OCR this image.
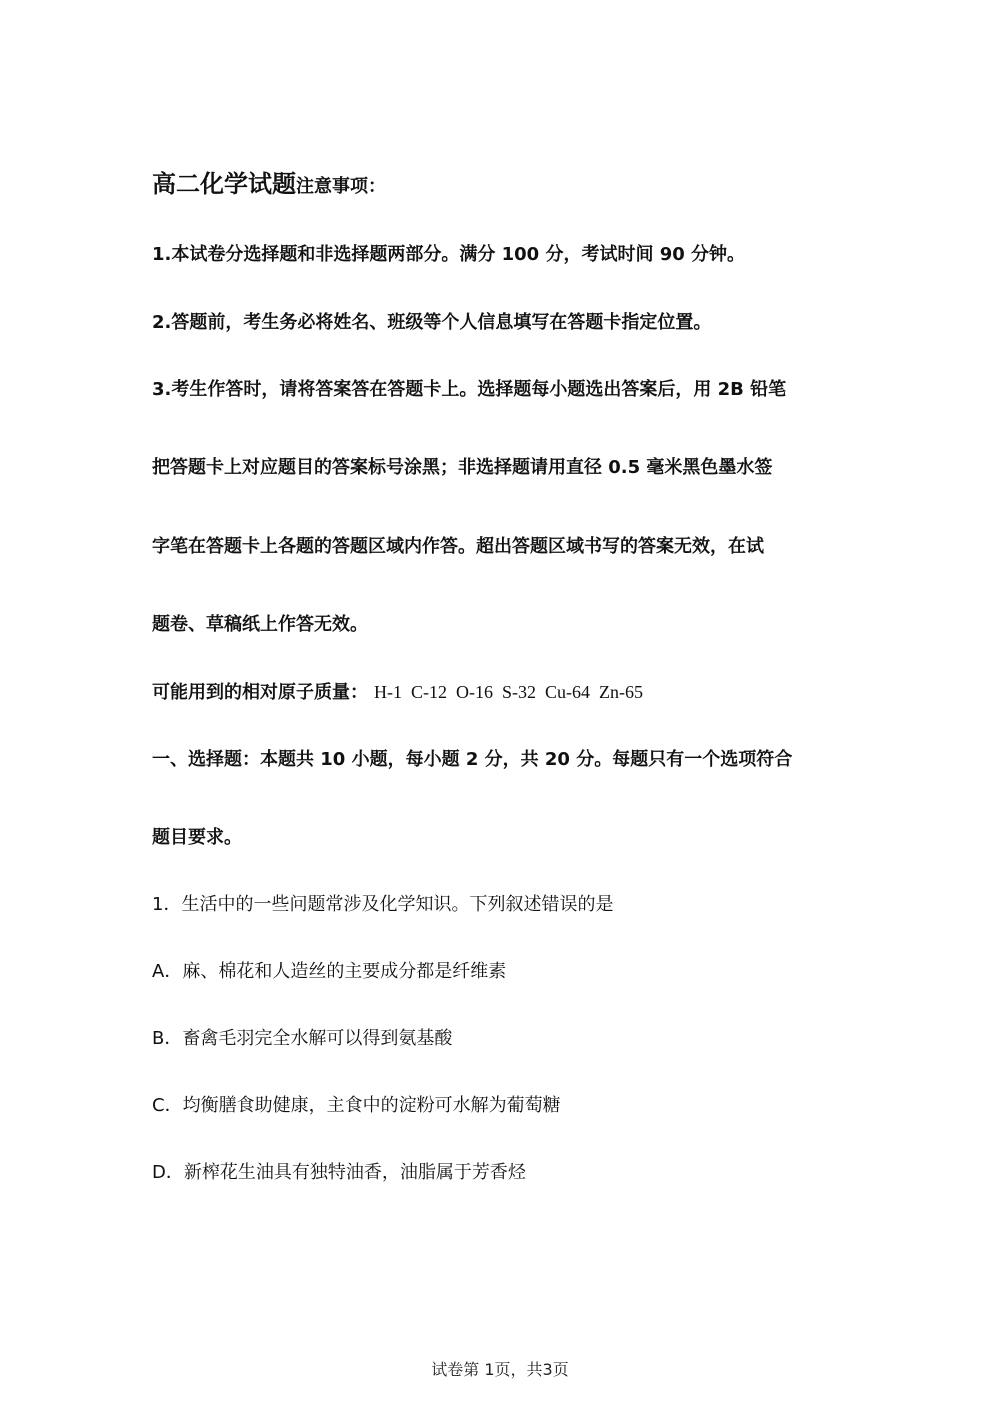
高二化学试题注意事项：
1.本试卷分选择题和非选择题两部分。满分 100 分，考试时间 90 分钟。
2.答题前，考生务必将姓名、班级等个人信息填写在答题卡指定位置。
3.考生作答时，请将答案答在答题卡上。选择题每小题选出答案后，用 2B 铅笔
把答题卡上对应题目的答案标号涂黑；非选择题请用直径 0.5 毫米黑色墨水签
字笔在答题卡上各题的答题区域内作答。超出答题区域书写的答案无效，在试
题卷、草稿纸上作答无效。
可能用到的相对原子质量： H-1  C-12  O-16  S-32  Cu-64  Zn-65
一、选择题：本题共 10 小题，每小题 2 分，共 20 分。每题只有一个选项符合
题目要求。
1．生活中的一些问题常涉及化学知识。下列叙述错误的是
A．麻、棉花和人造丝的主要成分都是纤维素
B．畜禽毛羽完全水解可以得到氨基酸
C．均衡膳食助健康，主食中的淀粉可水解为葡萄糖
D．新榨花生油具有独特油香，油脂属于芳香烃
试卷第 1页，共3页
